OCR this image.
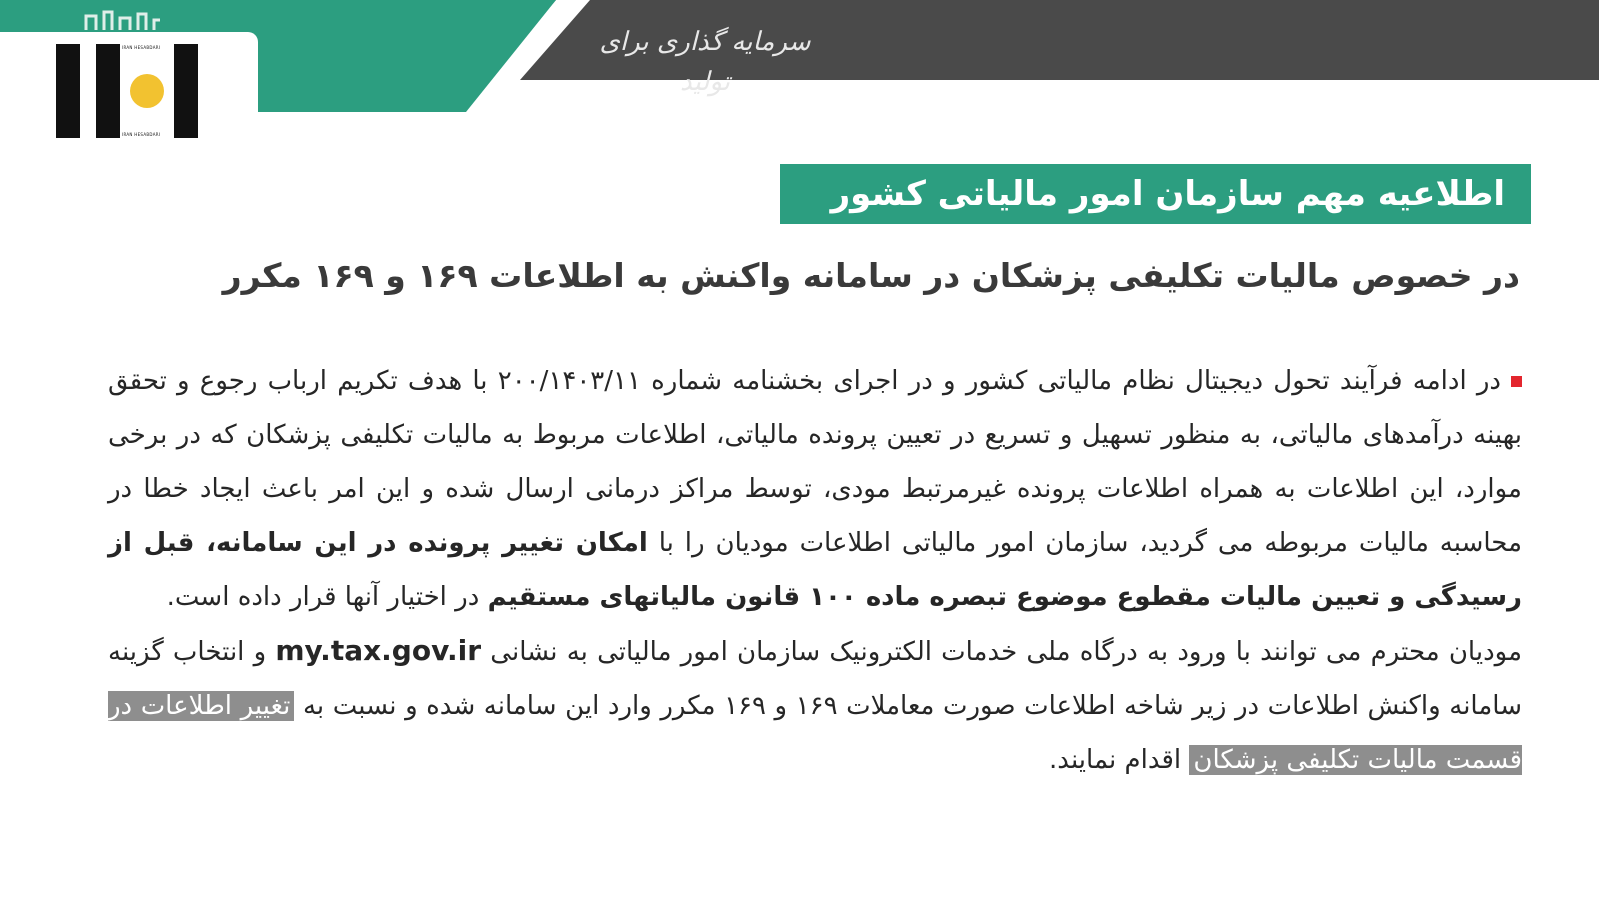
سرمایه گذاری برای تولید
IRAN HESABDARI
IRAN HESABDARI
اطلاعیه مهم سازمان امور مالیاتی کشور
در خصوص مالیات تکلیفی پزشکان در سامانه واکنش به اطلاعات ۱۶۹ و ۱۶۹ مکرر

در ادامه فرآیند تحول دیجیتال نظام مالیاتی کشور و در اجرای بخشنامه شماره ۲۰۰/۱۴۰۳/۱۱ با هدف تکریم ارباب رجوع و تحقق بهینه درآمدهای مالیاتی، به منظور تسهیل و تسریع در تعیین پرونده مالیاتی، اطلاعات مربوط به مالیات تکلیفی پزشکان که در برخی موارد، این اطلاعات به همراه اطلاعات پرونده غیرمرتبط مودی، توسط مراکز درمانی ارسال شده و این امر باعث ایجاد خطا در محاسبه مالیات مربوطه می گردید، سازمان امور مالیاتی اطلاعات مودیان را با امکان تغییر پرونده در این سامانه، قبل از رسیدگی و تعیین مالیات مقطوع موضوع تبصره ماده ۱۰۰ قانون مالیاتهای مستقیم در اختیار آنها قرار داده است.

مودیان محترم می توانند با ورود به درگاه ملی خدمات الکترونیک سازمان امور مالیاتی به نشانی my.tax.gov.ir و انتخاب گزینه سامانه واکنش اطلاعات در زیر شاخه اطلاعات صورت معاملات ۱۶۹ و ۱۶۹ مکرر وارد این سامانه شده و نسبت به تغییر اطلاعات در قسمت مالیات تکلیفی پزشکان اقدام نمایند.
